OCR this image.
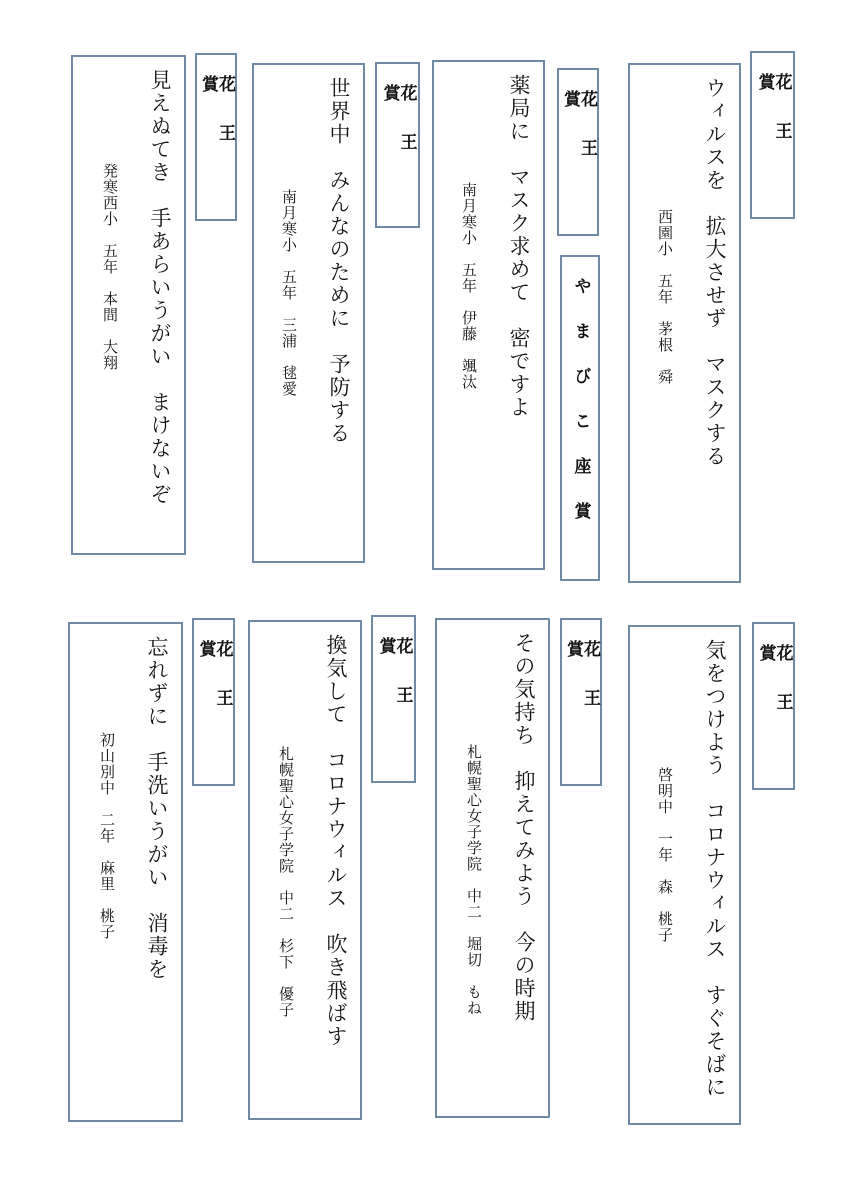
ウィルスを　拡大させず　マスクする
西園小　五年　茅根　舜
花王賞
薬局に　マスク求めて　密ですよ
南月寒小　五年　伊藤　颯汰
花王賞
やまびこ座賞
世界中　みんなのために　予防する
南月寒小　五年　三浦　毬愛
花王賞
見えぬてき　手あらいうがい　まけないぞ
発寒西小　五年　本間　大翔
花王賞
気をつけよう　コロナウィルス　すぐそばに
啓明中　一年　森　桃子
花王賞
その気持ち　抑えてみよう　今の時期
札幌聖心女子学院　中二　堀切　もね
花王賞
換気して　コロナウィルス　吹き飛ばす
札幌聖心女子学院　中二　杉下　優子
花王賞
忘れずに　手洗いうがい　消毒を
初山別中　二年　麻里　桃子
花王賞
